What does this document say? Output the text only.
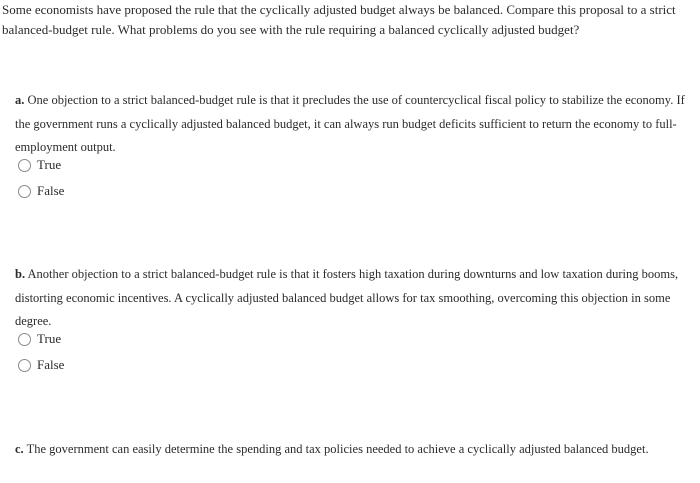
Some economists have proposed the rule that the cyclically adjusted budget always be balanced. Compare this proposal to a strict balanced-budget rule. What problems do you see with the rule requiring a balanced cyclically adjusted budget?

a. One objection to a strict balanced-budget rule is that it precludes the use of countercyclical fiscal policy to stabilize the economy. If the government runs a cyclically adjusted balanced budget, it can always run budget deficits sufficient to return the economy to full-employment output.

True
False

b. Another objection to a strict balanced-budget rule is that it fosters high taxation during downturns and low taxation during booms, distorting economic incentives. A cyclically adjusted balanced budget allows for tax smoothing, overcoming this objection in some degree.

True
False

c. The government can easily determine the spending and tax policies needed to achieve a cyclically adjusted balanced budget.
